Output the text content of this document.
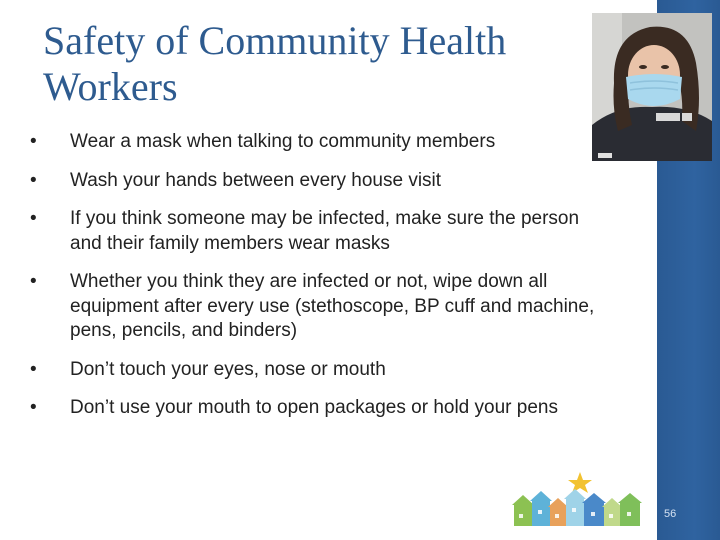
Safety of Community Health Workers
•	Wear a mask when talking to community members
•	Wash your hands between every house visit
•	If you think someone may be infected, make sure the person and their family members wear masks
•	Whether you think they are infected or not, wipe down all equipment after every use (stethoscope, BP cuff and machine, pens, pencils, and binders)
•	Don’t touch your eyes, nose or mouth
•	Don’t use your mouth to open packages or hold your pens
56
